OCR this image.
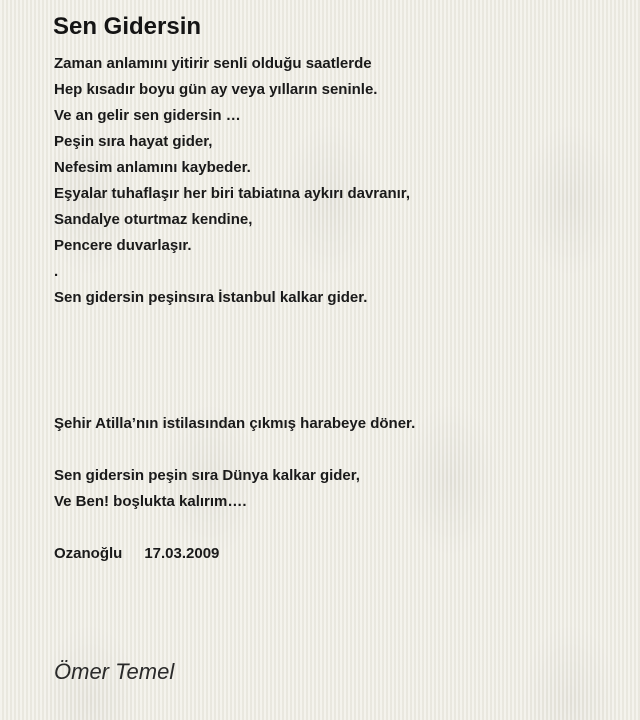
Sen Gidersin
Zaman anlamını yitirir senli olduğu saatlerde
Hep kısadır boyu gün ay veya yılların seninle.
Ve an gelir sen gidersin …
Peşin sıra hayat gider,
Nefesim anlamını kaybeder.
Eşyalar tuhaflaşır her biri tabiatına aykırı davranır,
Sandalye oturtmaz kendine,
Pencere duvarlaşır.
.
Sen gidersin peşinsıra İstanbul kalkar gider.
Şehir Atilla’nın istilasından çıkmış harabeye döner.
Sen gidersin peşin sıra Dünya kalkar gider,
Ve Ben! boşlukta kalırım….
Ozanoğlu 17.03.2009
Ömer Temel
